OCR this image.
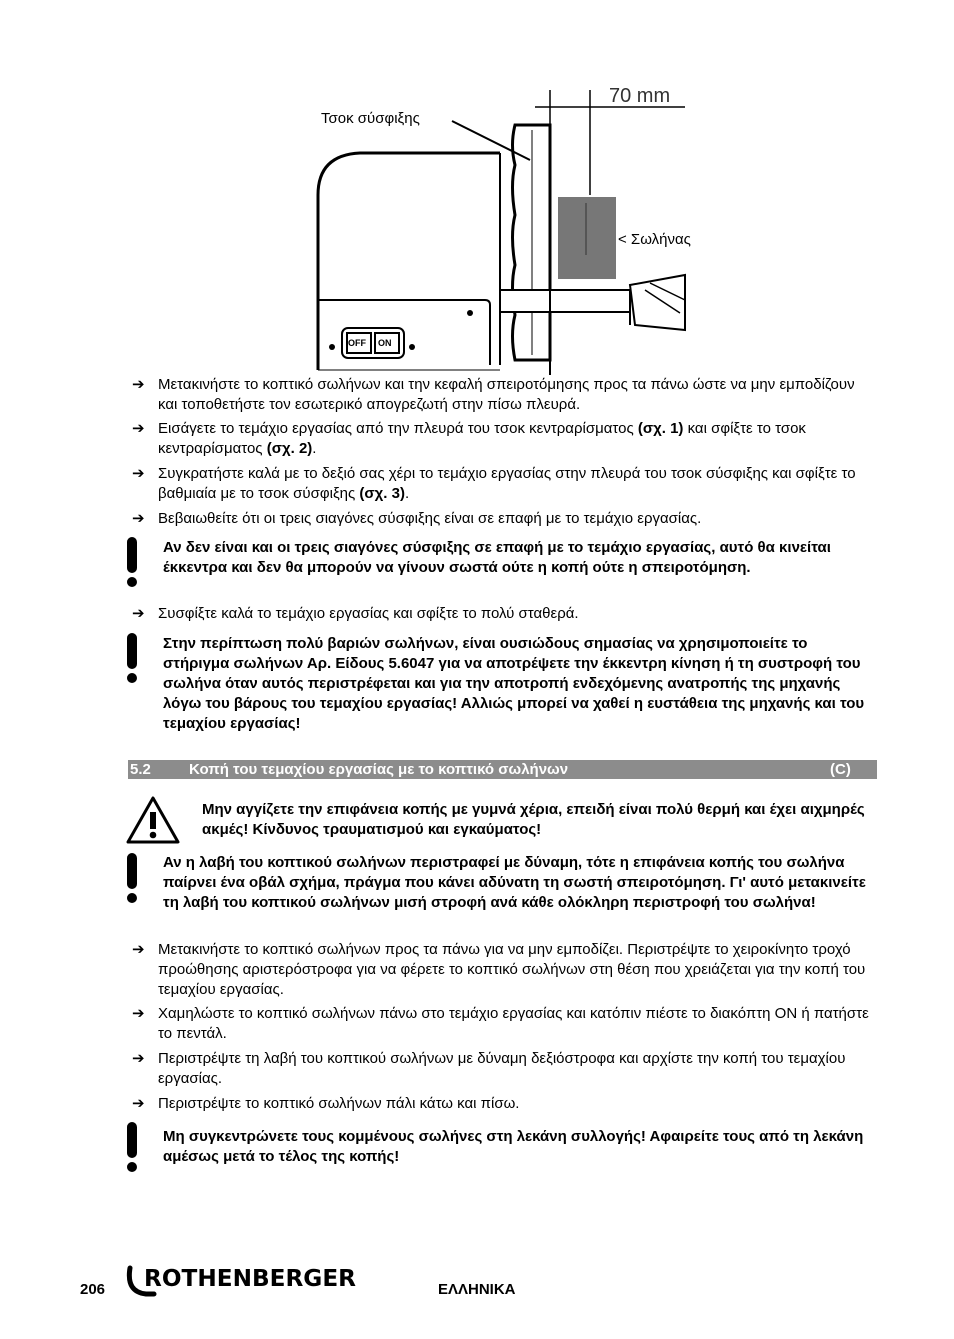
Τσοκ σύσφιξης
70 mm
< Σωλήνας
OFF ON
➔ Μετακινήστε το κοπτικό σωλήνων και την κεφαλή σπειροτόμησης προς τα πάνω ώστε να μην εμποδίζουν και τοποθετήστε τον εσωτερικό απογρεζωτή στην πίσω πλευρά.
➔ Εισάγετε το τεμάχιο εργασίας από την πλευρά του τσοκ κεντραρίσματος (σχ. 1) και σφίξτε το τσοκ κεντραρίσματος (σχ. 2).
➔ Συγκρατήστε καλά με το δεξιό σας χέρι το τεμάχιο εργασίας στην πλευρά του τσοκ σύσφιξης και σφίξτε το βαθμιαία με το τσοκ σύσφιξης (σχ. 3).
➔ Βεβαιωθείτε ότι οι τρεις σιαγόνες σύσφιξης είναι σε επαφή με το τεμάχιο εργασίας.
Αν δεν είναι και οι τρεις σιαγόνες σύσφιξης σε επαφή με το τεμάχιο εργασίας, αυτό θα κινείται έκκεντρα και δεν θα μπορούν να γίνουν σωστά ούτε η κοπή ούτε η σπειροτόμηση.
➔ Συσφίξτε καλά το τεμάχιο εργασίας και σφίξτε το πολύ σταθερά.
Στην περίπτωση πολύ βαριών σωλήνων, είναι ουσιώδους σημασίας να χρησιμοποιείτε το στήριγμα σωλήνων Αρ. Είδους 5.6047 για να αποτρέψετε την έκκεντρη κίνηση ή τη συστροφή του σωλήνα όταν αυτός περιστρέφεται και για την αποτροπή ενδεχόμενης ανατροπής της μηχανής λόγω του βάρους του τεμαχίου εργασίας! Αλλιώς μπορεί να χαθεί η ευστάθεια της μηχανής και του τεμαχίου εργασίας!
5.2	Κοπή του τεμαχίου εργασίας με το κοπτικό σωλήνων	(C)
Μην αγγίζετε την επιφάνεια κοπής με γυμνά χέρια, επειδή είναι πολύ θερμή και έχει αιχμηρές ακμές! Κίνδυνος τραυματισμού και εγκαύματος!
Αν η λαβή του κοπτικού σωλήνων περιστραφεί με δύναμη, τότε η επιφάνεια κοπής του σωλήνα παίρνει ένα οβάλ σχήμα, πράγμα που κάνει αδύνατη τη σωστή σπειροτόμηση. Γι' αυτό μετακινείτε τη λαβή του κοπτικού σωλήνων μισή στροφή ανά κάθε ολόκληρη περιστροφή του σωλήνα!
➔ Μετακινήστε το κοπτικό σωλήνων προς τα πάνω για να μην εμποδίζει. Περιστρέψτε το χειροκίνητο τροχό προώθησης αριστερόστροφα για να φέρετε το κοπτικό σωλήνων στη θέση που χρειάζεται για την κοπή του τεμαχίου εργασίας.
➔ Χαμηλώστε το κοπτικό σωλήνων πάνω στο τεμάχιο εργασίας και κατόπιν πιέστε το διακόπτη ON ή πατήστε το πεντάλ.
➔ Περιστρέψτε τη λαβή του κοπτικού σωλήνων με δύναμη δεξιόστροφα και αρχίστε την κοπή του τεμαχίου εργασίας.
➔ Περιστρέψτε το κοπτικό σωλήνων πάλι κάτω και πίσω.
Μη συγκεντρώνετε τους κομμένους σωλήνες στη λεκάνη συλλογής! Αφαιρείτε τους από τη λεκάνη αμέσως μετά το τέλος της κοπής!
206 ROTHENBERGER	ΕΛΛΗΝΙΚΑ
